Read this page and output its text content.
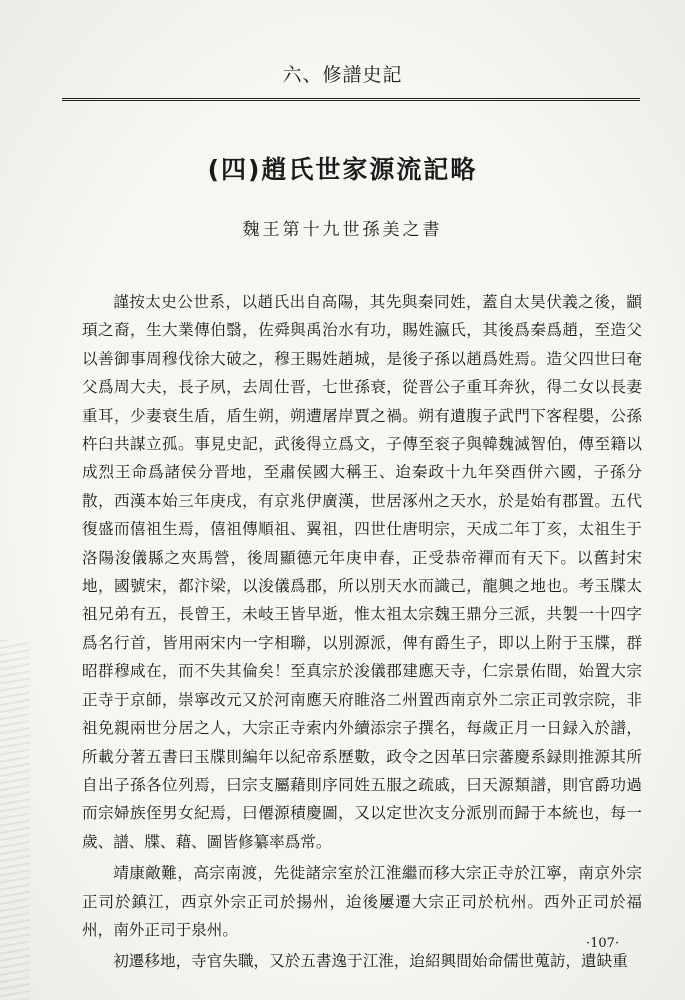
六、修譜史記
(四)趙氏世家源流記略
魏王第十九世孫美之書

謹按太史公世系，以趙氏出自高陽，其先與秦同姓，蓋自太昊伏義之後，顓頊之裔，生大業傳伯翳，佐舜與禹治水有功，賜姓瀛氏，其後爲秦爲趙，至造父以善御事周穆伐徐大破之，穆王賜姓趙城，是後子孫以趙爲姓焉。造父四世曰奄父爲周大夫，長子夙，去周仕晋，七世孫衰，從晋公子重耳奔狄，得二女以長妻重耳，少妻衰生盾，盾生朔，朔遭屠岸賈之禍。朔有遺腹子武門下客程嬰，公孫杵臼共謀立孤。事見史記，武後得立爲文，子傳至衮子與韓魏滅智伯，傳至籍以成烈王命爲諸侯分晋地，至肅侯國大稱王、迨秦政十九年癸酉併六國，子孫分散，西漢本始三年庚戌，有京兆伊廣漢，世居涿州之天水，於是始有郡置。五代復盛而僖祖生焉，僖祖傳順祖、翼祖，四世仕唐明宗，天成二年丁亥，太祖生于洛陽浚儀縣之夾馬營，後周顯德元年庚申春，正受恭帝禪而有天下。以舊封宋地，國號宋，都汴梁，以浚儀爲郡，所以別天水而識己，龍興之地也。考玉牒太祖兄弟有五，長曾王，未岐王皆早逝，惟太祖太宗魏王鼎分三派，共製一十四字爲名行首，皆用兩宋内一字相聯，以別源派，俾有爵生子，即以上附于玉牒，群昭群穆咸在，而不失其倫矣！至真宗於浚儀郡建應天寺，仁宗景佑間，始置大宗正寺于京師，崇寧改元又於河南應天府睢洛二州置西南京外二宗正司敦宗院，非祖免親兩世分居之人，大宗正寺索内外續添宗子撰名，每歲正月一日録入於譜，所載分著五書曰玉牒則編年以紀帝系歷數，政令之因革曰宗蕃慶系録則推源其所自出子孫各位列焉，曰宗支屬藉則序同姓五服之疏戚，曰天源類譜，則官爵功過而宗婦族侄男女紀焉，曰僊源積慶圖，又以定世次支分派別而歸于本統也，每一歲、譜、牒、藉、圖皆修纂率爲常。

靖康敵難，高宗南渡，先徙諸宗室於江淮繼而移大宗正寺於江寧，南京外宗正司於鎮江，西京外宗正司於揚州，迨後屢遷大宗正司於杭州。西外正司於福州，南外正司于泉州。

初遷移地，寺官失職，又於五書逸于江淮，迨紹興間始命儒世蒐訪，遺缺重

·107·
